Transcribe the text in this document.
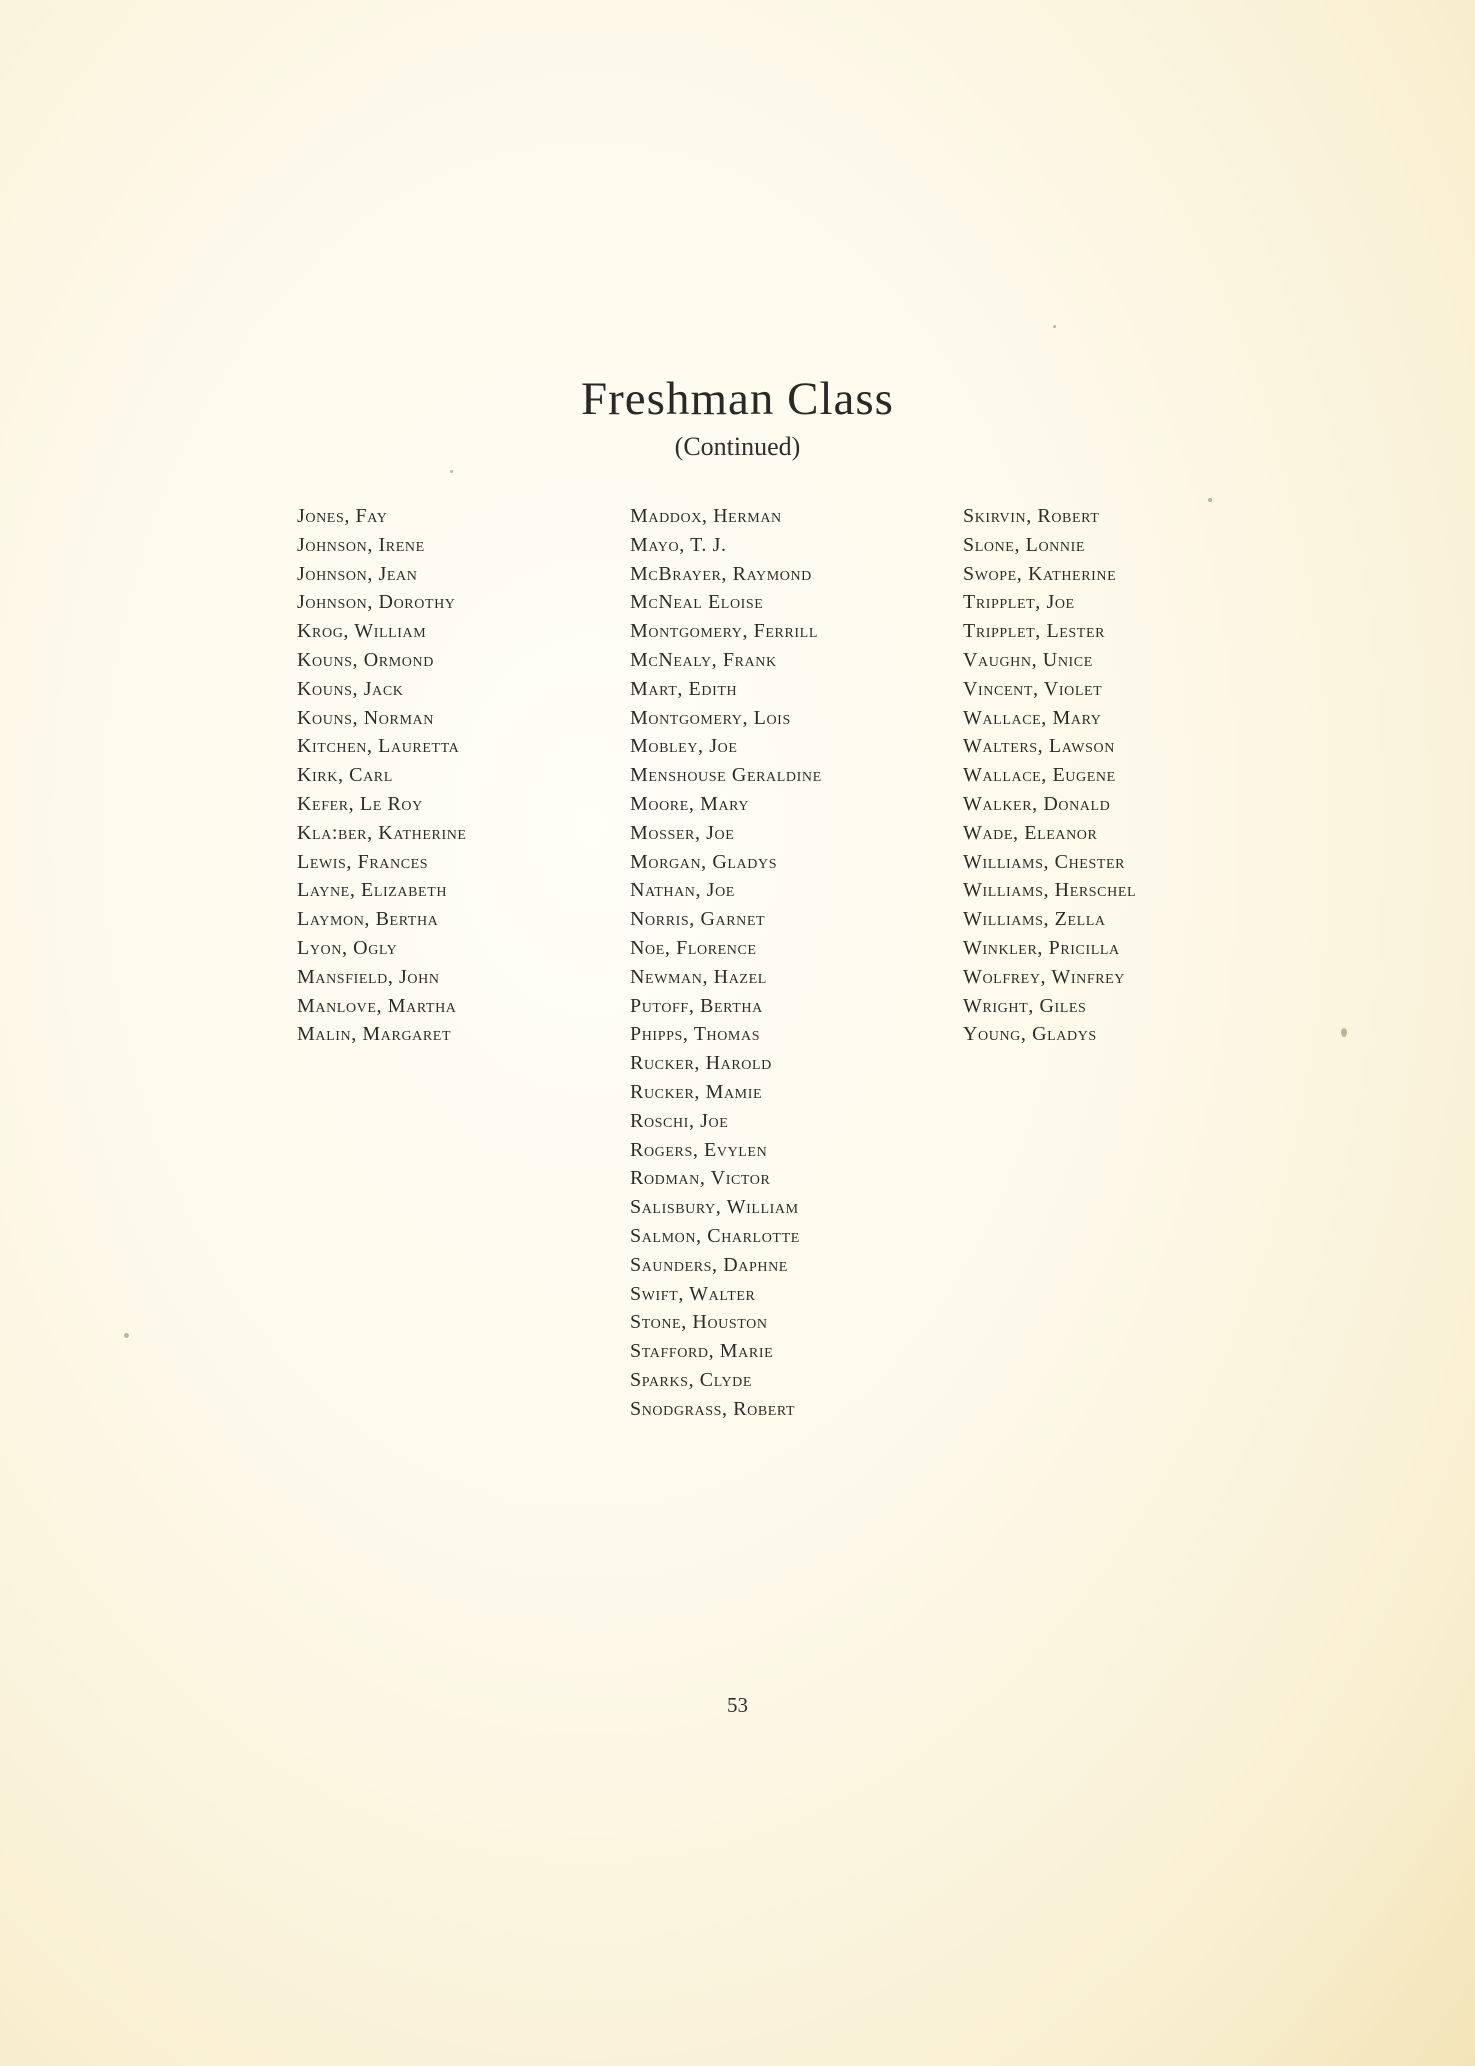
Freshman Class
(Continued)
Jones, Fay
Johnson, Irene
Johnson, Jean
Johnson, Dorothy
Krog, William
Kouns, Ormond
Kouns, Jack
Kouns, Norman
Kitchen, Lauretta
Kirk, Carl
Kefer, Le Roy
Kla:ber, Katherine
Lewis, Frances
Layne, Elizabeth
Laymon, Bertha
Lyon, Ogly
Mansfield, John
Manlove, Martha
Malin, Margaret
Maddox, Herman
Mayo, T. J.
McBrayer, Raymond
McNeal Eloise
Montgomery, Ferrill
McNealy, Frank
Mart, Edith
Montgomery, Lois
Mobley, Joe
Menshouse Geraldine
Moore, Mary
Mosser, Joe
Morgan, Gladys
Nathan, Joe
Norris, Garnet
Noe, Florence
Newman, Hazel
Putoff, Bertha
Phipps, Thomas
Rucker, Harold
Rucker, Mamie
Roschi, Joe
Rogers, Evylen
Rodman, Victor
Salisbury, William
Salmon, Charlotte
Saunders, Daphne
Swift, Walter
Stone, Houston
Stafford, Marie
Sparks, Clyde
Snodgrass, Robert
Skirvin, Robert
Slone, Lonnie
Swope, Katherine
Tripplet, Joe
Tripplet, Lester
Vaughn, Unice
Vincent, Violet
Wallace, Mary
Walters, Lawson
Wallace, Eugene
Walker, Donald
Wade, Eleanor
Williams, Chester
Williams, Herschel
Williams, Zella
Winkler, Pricilla
Wolfrey, Winfrey
Wright, Giles
Young, Gladys
53
